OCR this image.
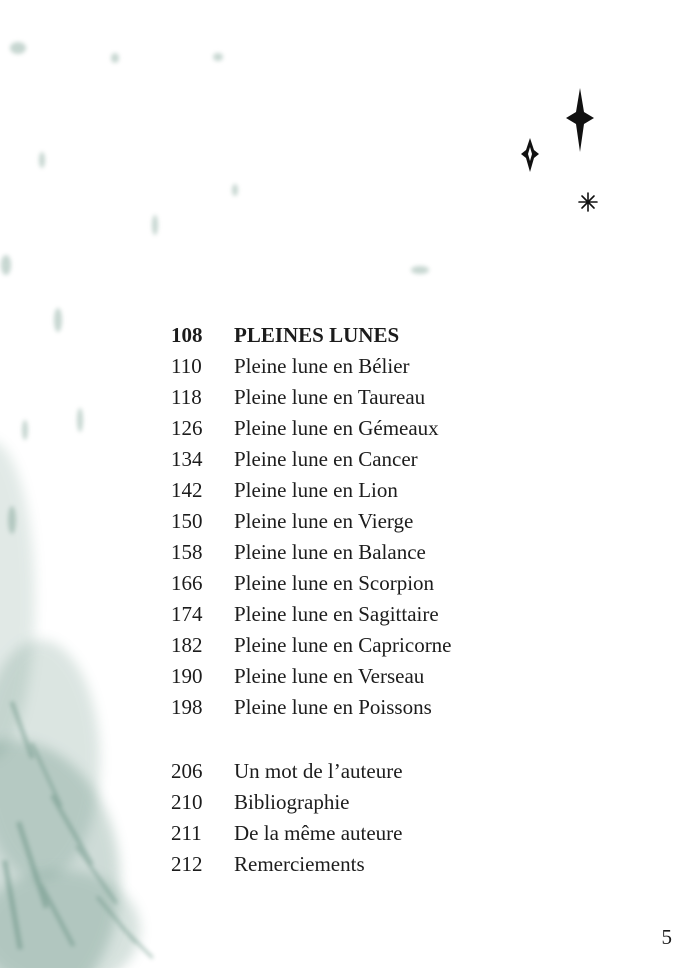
108	PLEINES LUNES
110	Pleine lune en Bélier
118	Pleine lune en Taureau
126	Pleine lune en Gémeaux
134	Pleine lune en Cancer
142	Pleine lune en Lion
150	Pleine lune en Vierge
158	Pleine lune en Balance
166	Pleine lune en Scorpion
174	Pleine lune en Sagittaire
182	Pleine lune en Capricorne
190	Pleine lune en Verseau
198	Pleine lune en Poissons
206	Un mot de l’auteure
210	Bibliographie
211	De la même auteure
212	Remerciements
5
